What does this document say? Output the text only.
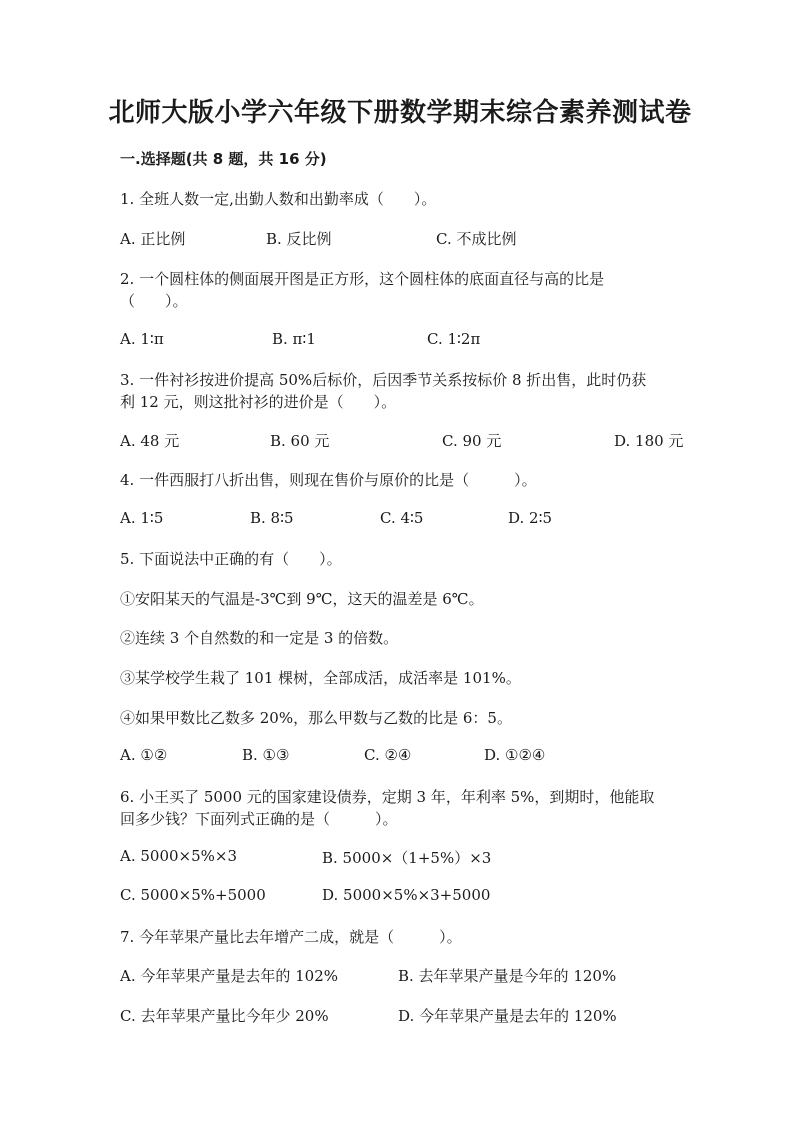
北师大版小学六年级下册数学期末综合素养测试卷
一.选择题(共 8 题，共 16 分)
1. 全班人数一定,出勤人数和出勤率成（　　）。
A. 正比例	B. 反比例	C. 不成比例
2. 一个圆柱体的侧面展开图是正方形，这个圆柱体的底面直径与高的比是
（　　）。
A. 1∶π	B. π∶1	C. 1∶2π
3. 一件衬衫按进价提高 50%后标价，后因季节关系按标价 8 折出售，此时仍获
利 12 元，则这批衬衫的进价是（　　）。
A. 48 元	B. 60 元	C. 90 元	D. 180 元
4. 一件西服打八折出售，则现在售价与原价的比是（　　　）。
A. 1∶5	B. 8∶5	C. 4∶5	D. 2∶5
5. 下面说法中正确的有（　　）。
①安阳某天的气温是-3℃到 9℃，这天的温差是 6℃。
②连续 3 个自然数的和一定是 3 的倍数。
③某学校学生栽了 101 棵树，全部成活，成活率是 101%。
④如果甲数比乙数多 20%，那么甲数与乙数的比是 6：5。
A. ①②	B. ①③	C. ②④	D. ①②④
6. 小王买了 5000 元的国家建设债券，定期 3 年，年利率 5%，到期时，他能取
回多少钱？下面列式正确的是（　　　）。
A. 5000×5%×3	B. 5000×（1+5%）×3
C. 5000×5%+5000	D. 5000×5%×3+5000
7. 今年苹果产量比去年增产二成，就是（　　　）。
A. 今年苹果产量是去年的 102%	B. 去年苹果产量是今年的 120%
C. 去年苹果产量比今年少 20%	D. 今年苹果产量是去年的 120%
